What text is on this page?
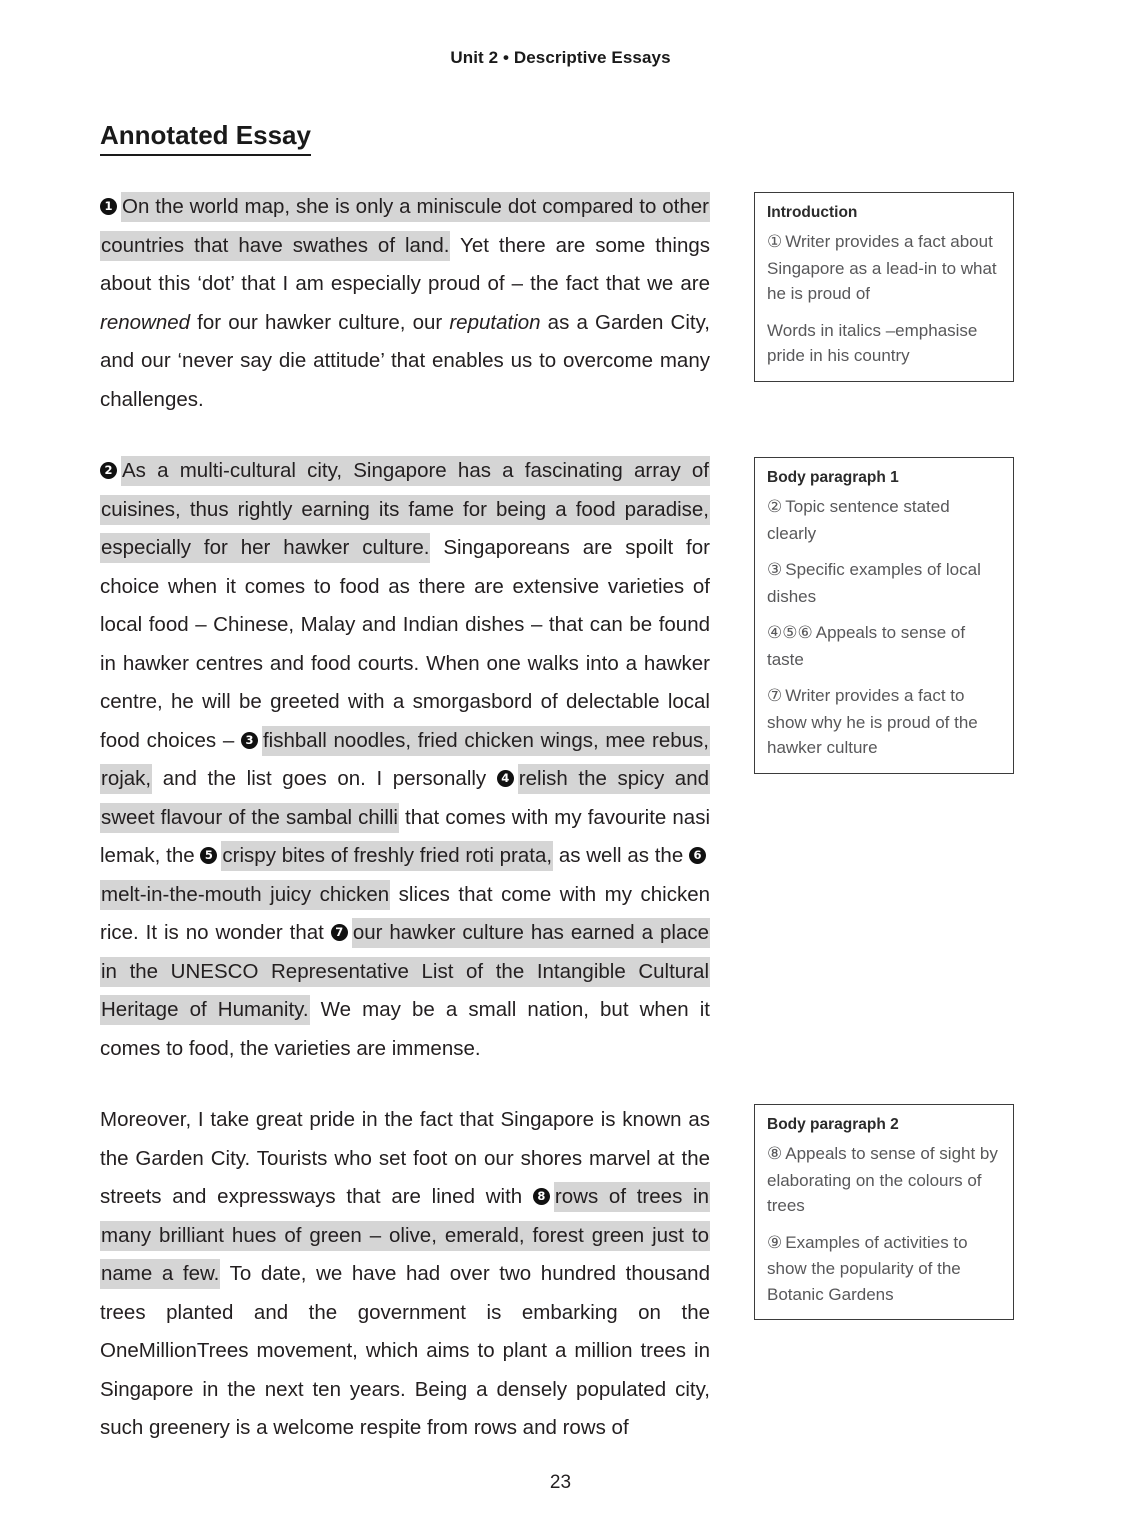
Unit 2 • Descriptive Essays
Annotated Essay

1 On the world map, she is only a miniscule dot compared to other countries that have swathes of land. Yet there are some things about this ‘dot’ that I am especially proud of – the fact that we are renowned for our hawker culture, our reputation as a Garden City, and our ‘never say die attitude’ that enables us to overcome many challenges.

2 As a multi-cultural city, Singapore has a fascinating array of cuisines, thus rightly earning its fame for being a food paradise, especially for her hawker culture. Singaporeans are spoilt for choice when it comes to food as there are extensive varieties of local food – Chinese, Malay and Indian dishes – that can be found in hawker centres and food courts. When one walks into a hawker centre, he will be greeted with a smorgasbord of delectable local food choices – 3 fishball noodles, fried chicken wings, mee rebus, rojak, and the list goes on. I personally 4 relish the spicy and sweet flavour of the sambal chilli that comes with my favourite nasi lemak, the 5 crispy bites of freshly fried roti prata, as well as the 6melt-in-the-mouth juicy chicken slices that come with my chicken rice. It is no wonder that 7 our hawker culture has earned a place in the UNESCO Representative List of the Intangible Cultural Heritage of Humanity. We may be a small nation, but when it comes to food, the varieties are immense.

Moreover, I take great pride in the fact that Singapore is known as the Garden City. Tourists who set foot on our shores marvel at the streets and expressways that are lined with 8 rows of trees in many brilliant hues of green – olive, emerald, forest green just to name a few. To date, we have had over two hundred thousand trees planted and the government is embarking on the OneMillionTrees movement, which aims to plant a million trees in Singapore in the next ten years. Being a densely populated city, such greenery is a welcome respite from rows and rows of

Introduction

① Writer provides a fact about Singapore as a lead-in to what he is proud of

Words in italics –emphasise pride in his country

Body paragraph 1

② Topic sentence stated clearly

③ Specific examples of local dishes

④⑤⑥ Appeals to sense of taste

⑦ Writer provides a fact to show why he is proud of the hawker culture

Body paragraph 2

⑧ Appeals to sense of sight by elaborating on the colours of trees

⑨ Examples of activities to show the popularity of the Botanic Gardens

23
